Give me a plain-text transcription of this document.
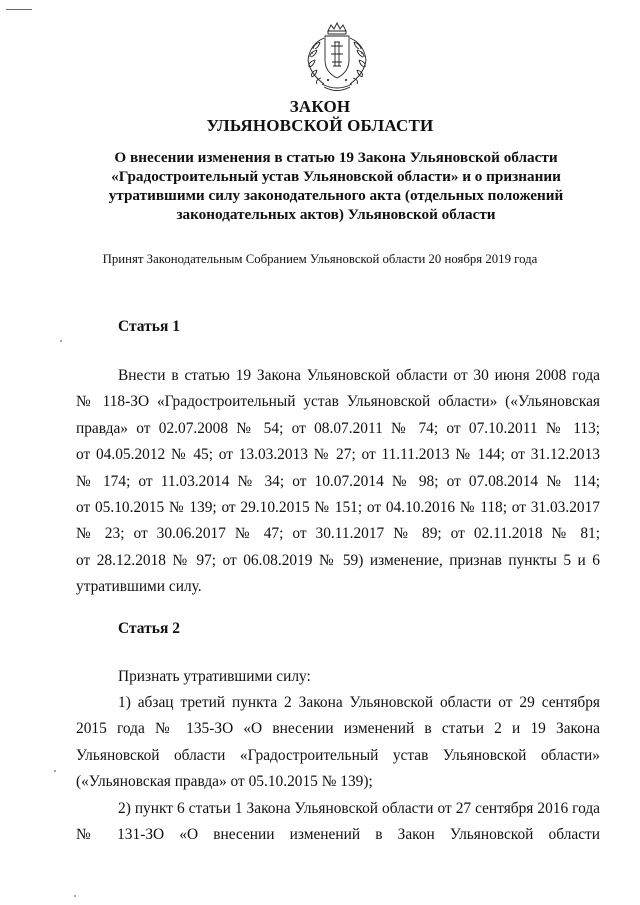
ЗАКОН
УЛЬЯНОВСКОЙ ОБЛАСТИ
О внесении изменения в статью 19 Закона Ульяновской области
«Градостроительный устав Ульяновской области» и о признании
утратившими силу законодательного акта (отдельных положений
законодательных актов) Ульяновской области
Принят Законодательным Собранием Ульяновской области 20 ноября 2019 года
Статья 1
Внести в статью 19 Закона Ульяновской области от 30 июня 2008 года
№ 118-ЗО «Градостроительный устав Ульяновской области» («Ульяновская
правда» от 02.07.2008 № 54; от 08.07.2011 № 74; от 07.10.2011 № 113;
от 04.05.2012 № 45; от 13.03.2013 № 27; от 11.11.2013 № 144; от 31.12.2013
№ 174; от 11.03.2014 № 34; от 10.07.2014 № 98; от 07.08.2014 № 114;
от 05.10.2015 № 139; от 29.10.2015 № 151; от 04.10.2016 № 118; от 31.03.2017
№ 23; от 30.06.2017 № 47; от 30.11.2017 № 89; от 02.11.2018 № 81;
от 28.12.2018 № 97; от 06.08.2019 № 59) изменение, признав пункты 5 и 6
утратившими силу.
Статья 2
Признать утратившими силу:
1) абзац третий пункта 2 Закона Ульяновской области от 29 сентября
2015 года № 135-ЗО «О внесении изменений в статьи 2 и 19 Закона
Ульяновской области «Градостроительный устав Ульяновской области»
(«Ульяновская правда» от 05.10.2015 № 139);
2) пункт 6 статьи 1 Закона Ульяновской области от 27 сентября 2016 года
№ 131-ЗО «О внесении изменений в Закон Ульяновской области
